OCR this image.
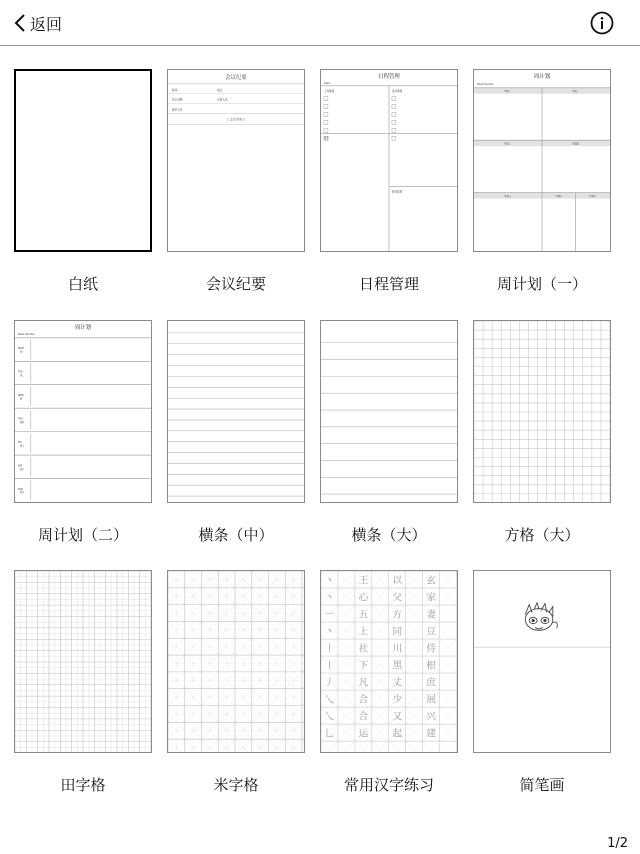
返回
白纸
会议纪要
时间：	地点：
会议主题：	记录人员：
参会人员：
[ 会议内容 ]
会议纪要
日程管理
Date
工作事项	待办事项
备忘
时间安排
日程管理
周计划
Week Number
星期一	星期二
星期三	星期四
星期五	星期六	星期日
周计划（一）
周计划
Week Number
MON
周一
TUE
周二
WED
周三
THU
周四
FRI
周五
SAT
周六
SUN
周日
周计划（二）	横条（中）	横条（大）	方格（大）
田字格	米字格
丶 王 以 玄
丶 心 父 家
一 五 方 妻
丶 上 同 豆
丨 社 川 侍
丨 下 黑 根
丿 凡 丈 庶
乀 合 少 展
乀 合 又 兴
乚 运 起 建
常用汉字练习	简笔画
1/2
